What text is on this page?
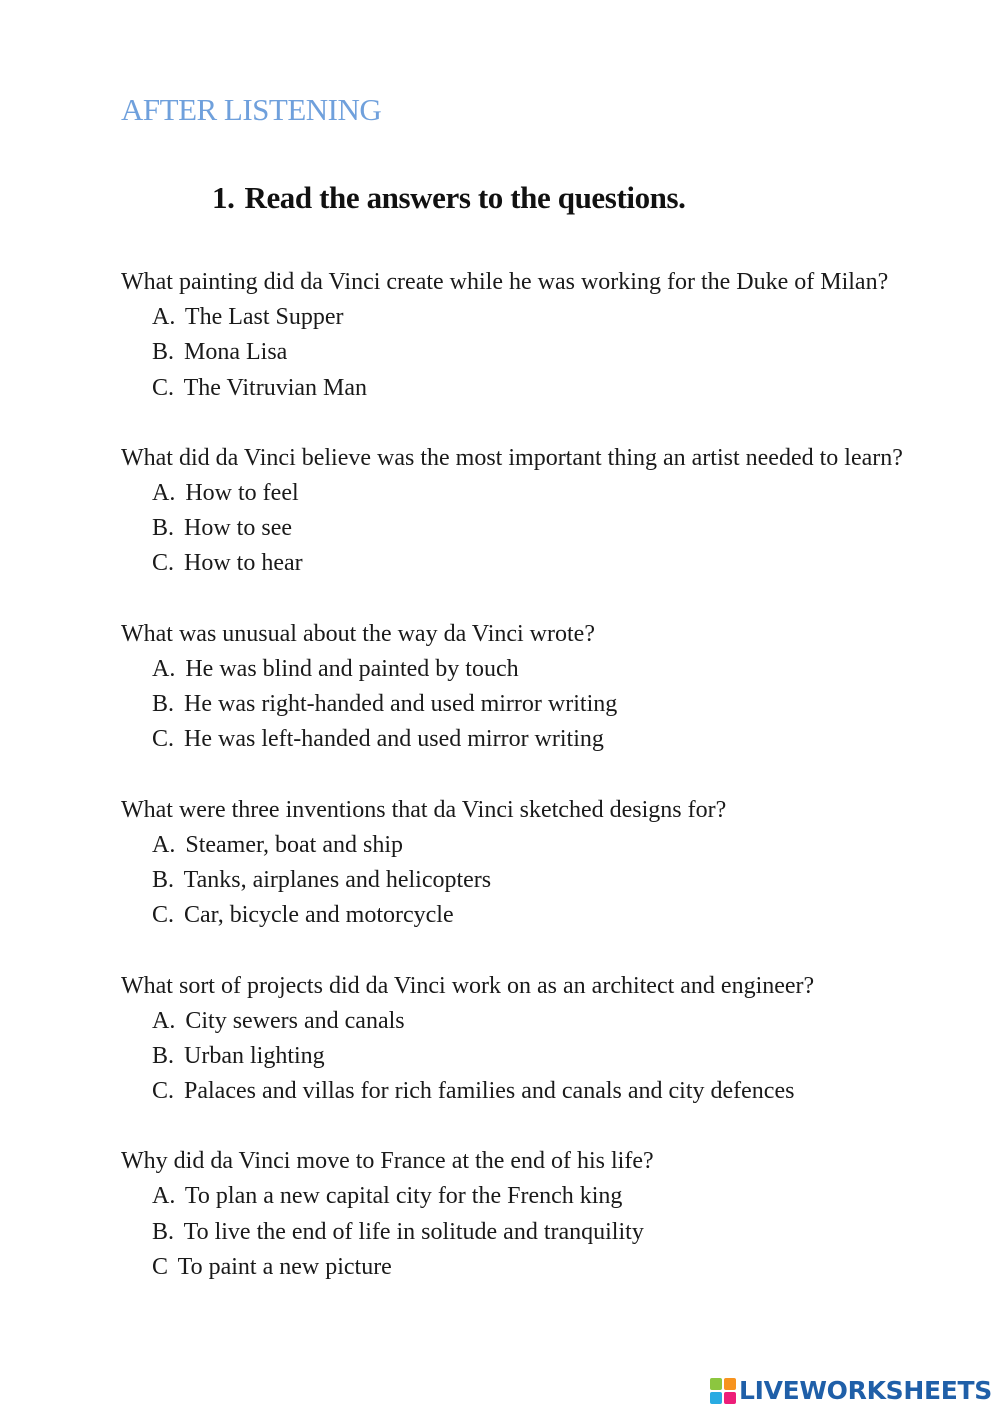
AFTER LISTENING
1. Read the answers to the questions.

What painting did da Vinci create while he was working for the Duke of Milan?

A. The Last Supper
B. Mona Lisa
C. The Vitruvian Man

What did da Vinci believe was the most important thing an artist needed to learn?

A. How to feel
B. How to see
C. How to hear

What was unusual about the way da Vinci wrote?

A. He was blind and painted by touch
B. He was right-handed and used mirror writing
C. He was left-handed and used mirror writing

What were three inventions that da Vinci sketched designs for?

A. Steamer, boat and ship
B. Tanks, airplanes and helicopters
C. Car, bicycle and motorcycle

What sort of projects did da Vinci work on as an architect and engineer?

A. City sewers and canals
B. Urban lighting
C. Palaces and villas for rich families and canals and city defences

Why did da Vinci move to France at the end of his life?

A. To plan a new capital city for the French king
B. To live the end of life in solitude and tranquility
C To paint a new picture
LIVEWORKSHEETS
